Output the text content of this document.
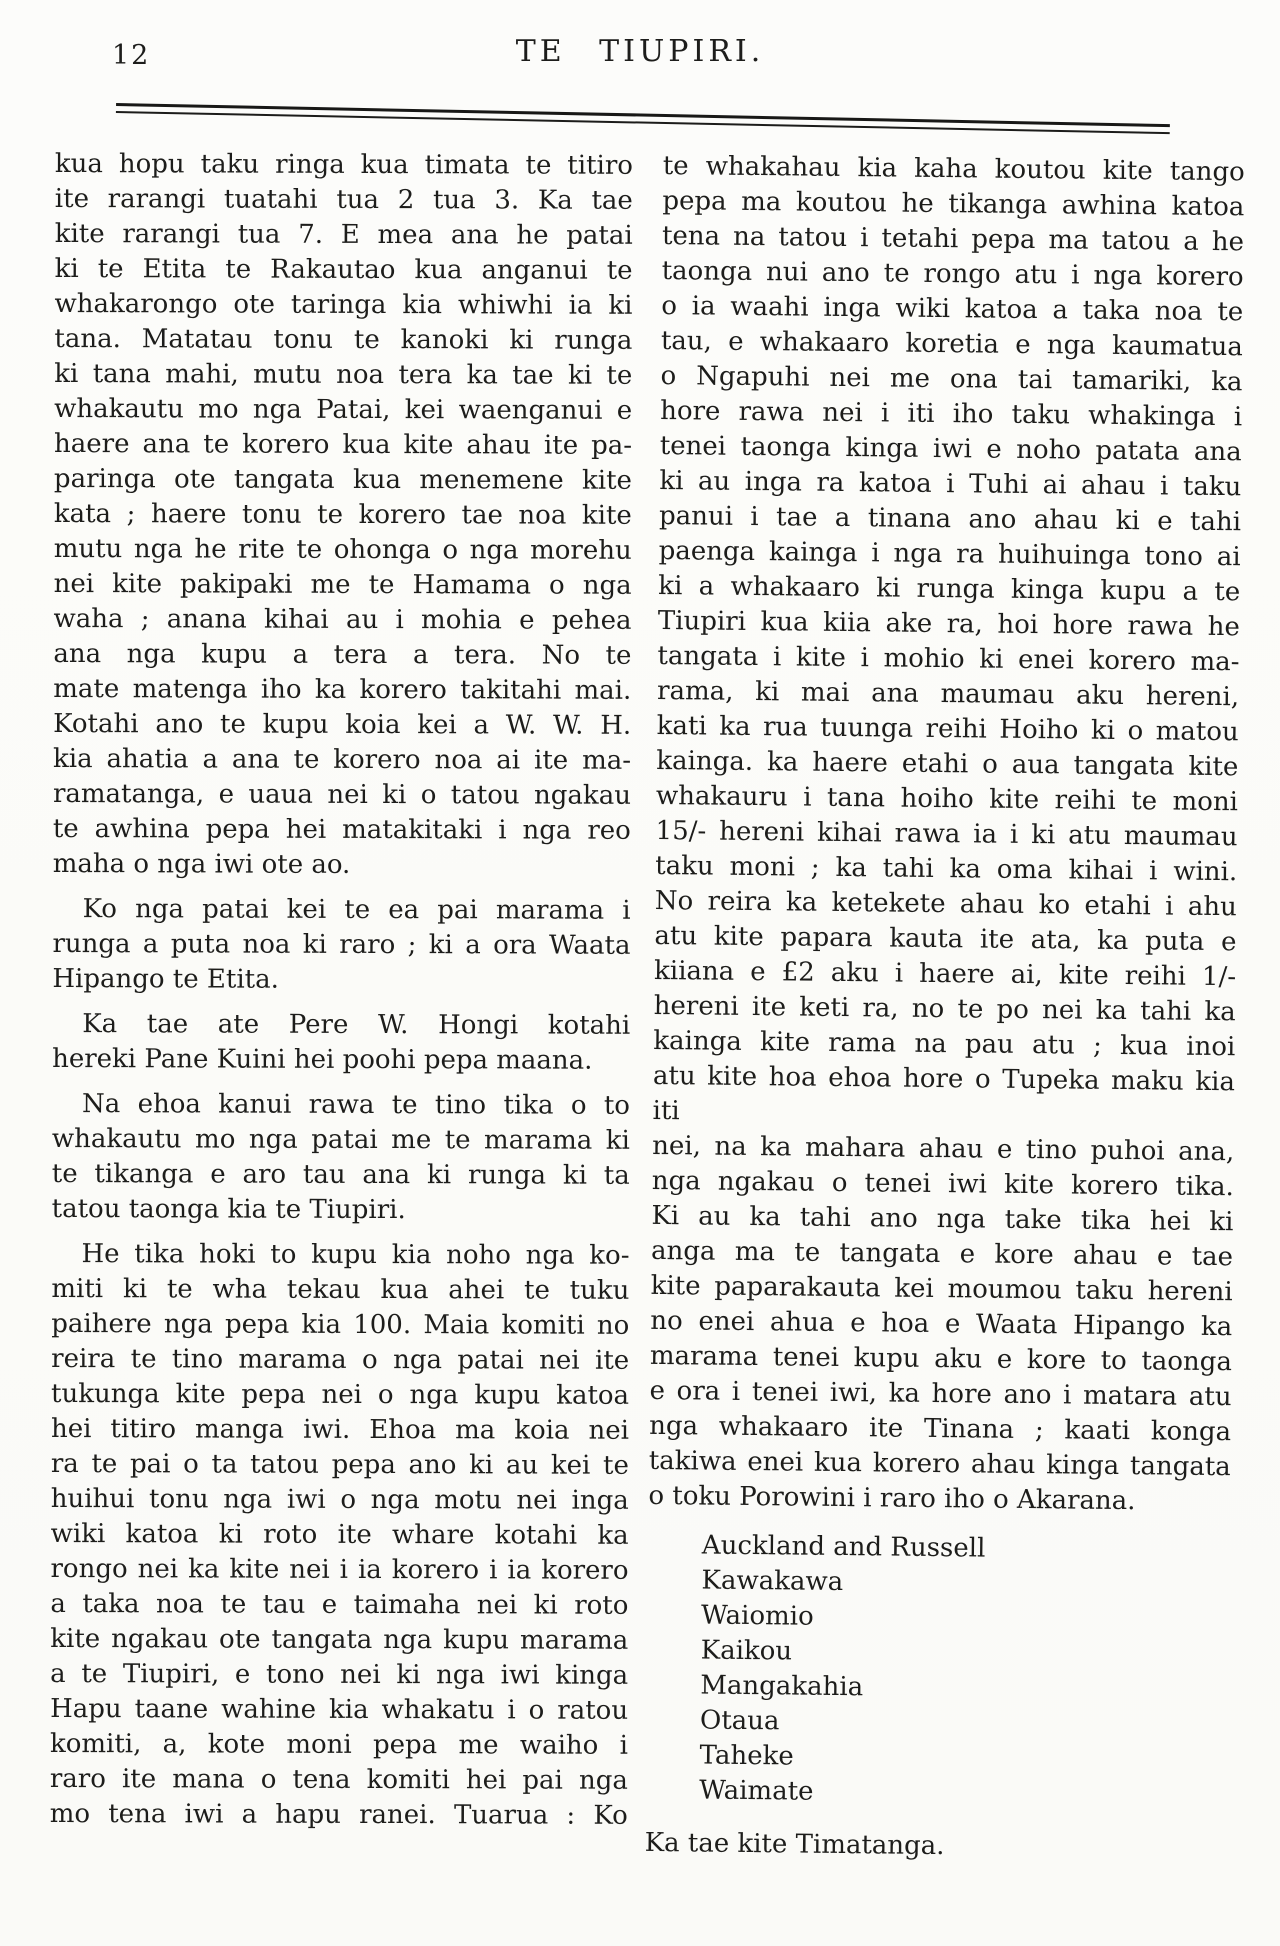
12	TE TIUPIRI.

kua hopu taku ringa kua timata te titiro
ite rarangi tuatahi tua 2 tua 3. Ka tae
kite rarangi tua 7. E mea ana he patai
ki te Etita te Rakautao kua anganui te
whakarongo ote taringa kia whiwhi ia ki
tana. Matatau tonu te kanoki ki runga
ki tana mahi, mutu noa tera ka tae ki te
whakautu mo nga Patai, kei waenganui e
haere ana te korero kua kite ahau ite pa-
paringa ote tangata kua menemene kite
kata ; haere tonu te korero tae noa kite
mutu nga he rite te ohonga o nga morehu
nei kite pakipaki me te Hamama o nga
waha ; anana kihai au i mohia e pehea
ana nga kupu a tera a tera. No te
mate matenga iho ka korero takitahi mai.
Kotahi ano te kupu koia kei a W. W. H.
kia ahatia a ana te korero noa ai ite ma-
ramatanga, e uaua nei ki o tatou ngakau
te awhina pepa hei matakitaki i nga reo
maha o nga iwi ote ao.

Ko nga patai kei te ea pai marama i
runga a puta noa ki raro ; ki a ora Waata
Hipango te Etita.

Ka tae ate Pere W. Hongi kotahi
hereki Pane Kuini hei poohi pepa maana.

Na ehoa kanui rawa te tino tika o to
whakautu mo nga patai me te marama ki
te tikanga e aro tau ana ki runga ki ta
tatou taonga kia te Tiupiri.

He tika hoki to kupu kia noho nga ko-
miti ki te wha tekau kua ahei te tuku
paihere nga pepa kia 100. Maia komiti no
reira te tino marama o nga patai nei ite
tukunga kite pepa nei o nga kupu katoa
hei titiro manga iwi. Ehoa ma koia nei
ra te pai o ta tatou pepa ano ki au kei te
huihui tonu nga iwi o nga motu nei inga
wiki katoa ki roto ite whare kotahi ka
rongo nei ka kite nei i ia korero i ia korero
a taka noa te tau e taimaha nei ki roto
kite ngakau ote tangata nga kupu marama
a te Tiupiri, e tono nei ki nga iwi kinga
Hapu taane wahine kia whakatu i o ratou
komiti, a, kote moni pepa me waiho i
raro ite mana o tena komiti hei pai nga
mo tena iwi a hapu ranei. Tuarua : Ko

te whakahau kia kaha koutou kite tango
pepa ma koutou he tikanga awhina katoa
tena na tatou i tetahi pepa ma tatou a he
taonga nui ano te rongo atu i nga korero
o ia waahi inga wiki katoa a taka noa te
tau, e whakaaro koretia e nga kaumatua
o Ngapuhi nei me ona tai tamariki, ka
hore rawa nei i iti iho taku whakinga i
tenei taonga kinga iwi e noho patata ana
ki au inga ra katoa i Tuhi ai ahau i taku
panui i tae a tinana ano ahau ki e tahi
paenga kainga i nga ra huihuinga tono ai
ki a whakaaro ki runga kinga kupu a te
Tiupiri kua kiia ake ra, hoi hore rawa he
tangata i kite i mohio ki enei korero ma-
rama, ki mai ana maumau aku hereni,
kati ka rua tuunga reihi Hoiho ki o matou
kainga. ka haere etahi o aua tangata kite
whakauru i tana hoiho kite reihi te moni
15/- hereni kihai rawa ia i ki atu maumau
taku moni ; ka tahi ka oma kihai i wini.
No reira ka ketekete ahau ko etahi i ahu
atu kite papara kauta ite ata, ka puta e
kiiana e £2 aku i haere ai, kite reihi 1/-
hereni ite keti ra, no te po nei ka tahi ka
kainga kite rama na pau atu ; kua inoi
atu kite hoa ehoa hore o Tupeka maku kia iti
nei, na ka mahara ahau e tino puhoi ana,
nga ngakau o tenei iwi kite korero tika.
Ki au ka tahi ano nga take tika hei ki
anga ma te tangata e kore ahau e tae
kite paparakauta kei moumou taku hereni
no enei ahua e hoa e Waata Hipango ka
marama tenei kupu aku e kore to taonga
e ora i tenei iwi, ka hore ano i matara atu
nga whakaaro ite Tinana ; kaati konga
takiwa enei kua korero ahau kinga tangata
o toku Porowini i raro iho o Akarana.

Auckland and Russell
Kawakawa
Waiomio
Kaikou
Mangakahia
Otaua
Taheke
Waimate

Ka tae kite Timatanga.
